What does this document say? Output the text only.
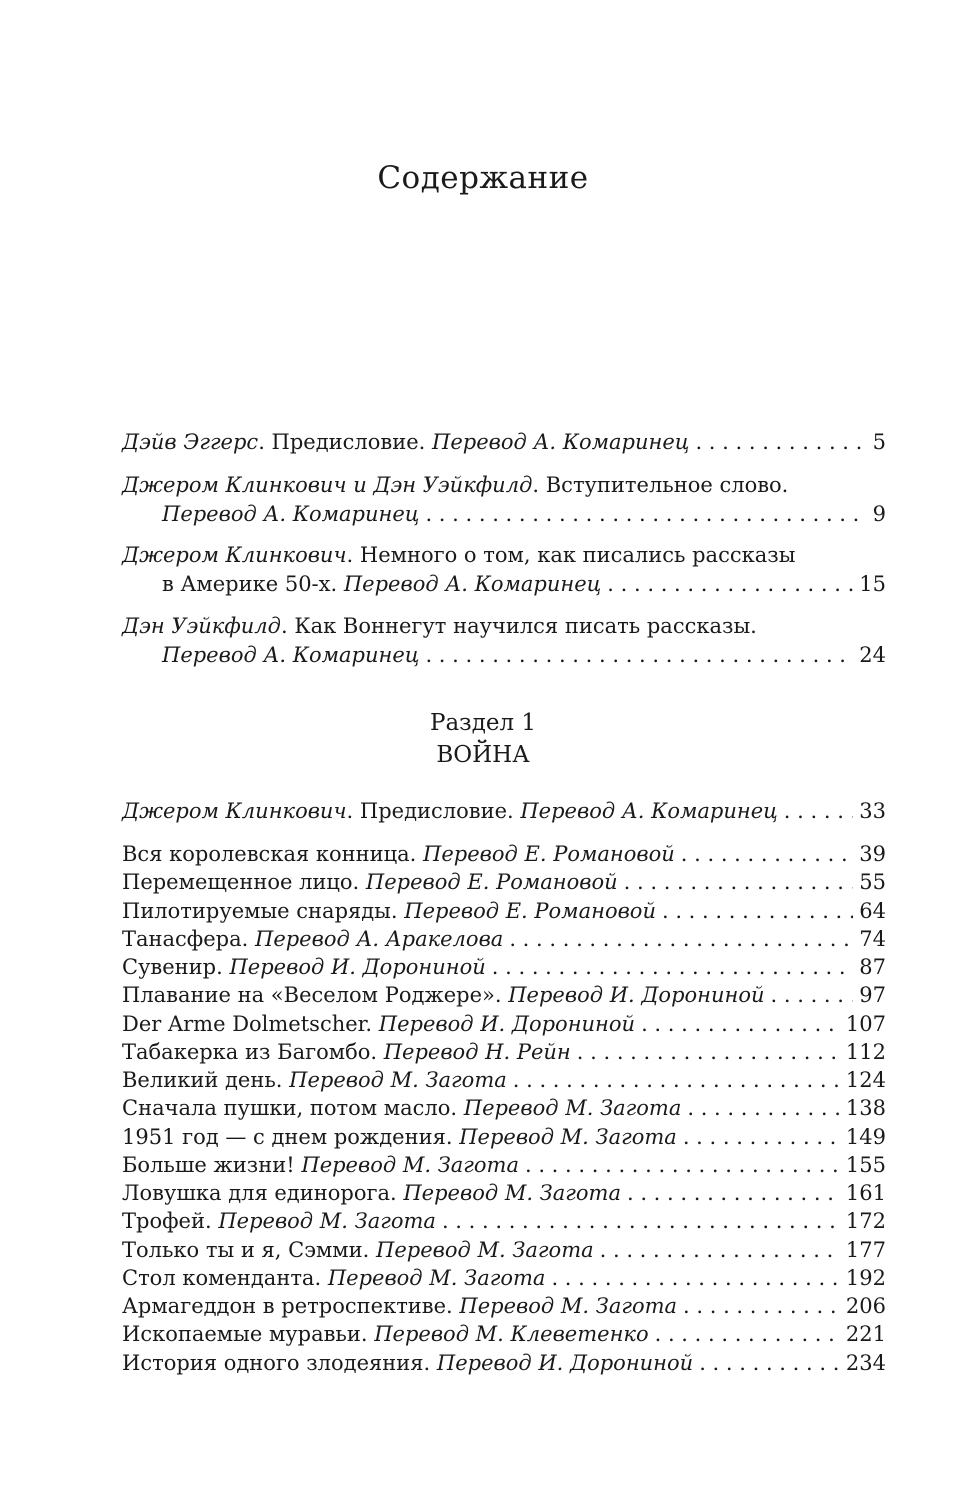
Содержание
Дэйв Эггерс. Предисловие. Перевод А. Комаринец . . .	5
Джером Клинкович и Дэн Уэйкфилд. Вступительное слово.
Перевод А. Комаринец . . .	9
Джером Клинкович. Немного о том, как писались рассказы
в Америке 50-х. Перевод А. Комаринец . . .	15
Дэн Уэйкфилд. Как Воннегут научился писать рассказы.
Перевод А. Комаринец . . .	24
Раздел 1
ВОЙНА
Джером Клинкович. Предисловие. Перевод А. Комаринец . . .	33
Вся королевская конница. Перевод Е. Романовой . . .	39
Перемещенное лицо. Перевод Е. Романовой . . .	55
Пилотируемые снаряды. Перевод Е. Романовой . . .	64
Танасфера. Перевод А. Аракелова . . .	74
Сувенир. Перевод И. Дорониной . . .	87
Плавание на «Веселом Роджере». Перевод И. Дорониной . . .	97
Der Arme Dolmetscher. Перевод И. Дорониной . . .	107
Табакерка из Багомбо. Перевод Н. Рейн . . .	112
Великий день. Перевод М. Загота . . .	124
Сначала пушки, потом масло. Перевод М. Загота . . .	138
1951 год — с днем рождения. Перевод М. Загота . . .	149
Больше жизни! Перевод М. Загота . . .	155
Ловушка для единорога. Перевод М. Загота . . .	161
Трофей. Перевод М. Загота . . .	172
Только ты и я, Сэмми. Перевод М. Загота . . .	177
Стол коменданта. Перевод М. Загота . . .	192
Армагеддон в ретроспективе. Перевод М. Загота . . .	206
Ископаемые муравьи. Перевод М. Клеветенко . . .	221
История одного злодеяния. Перевод И. Дорониной . . .	234
